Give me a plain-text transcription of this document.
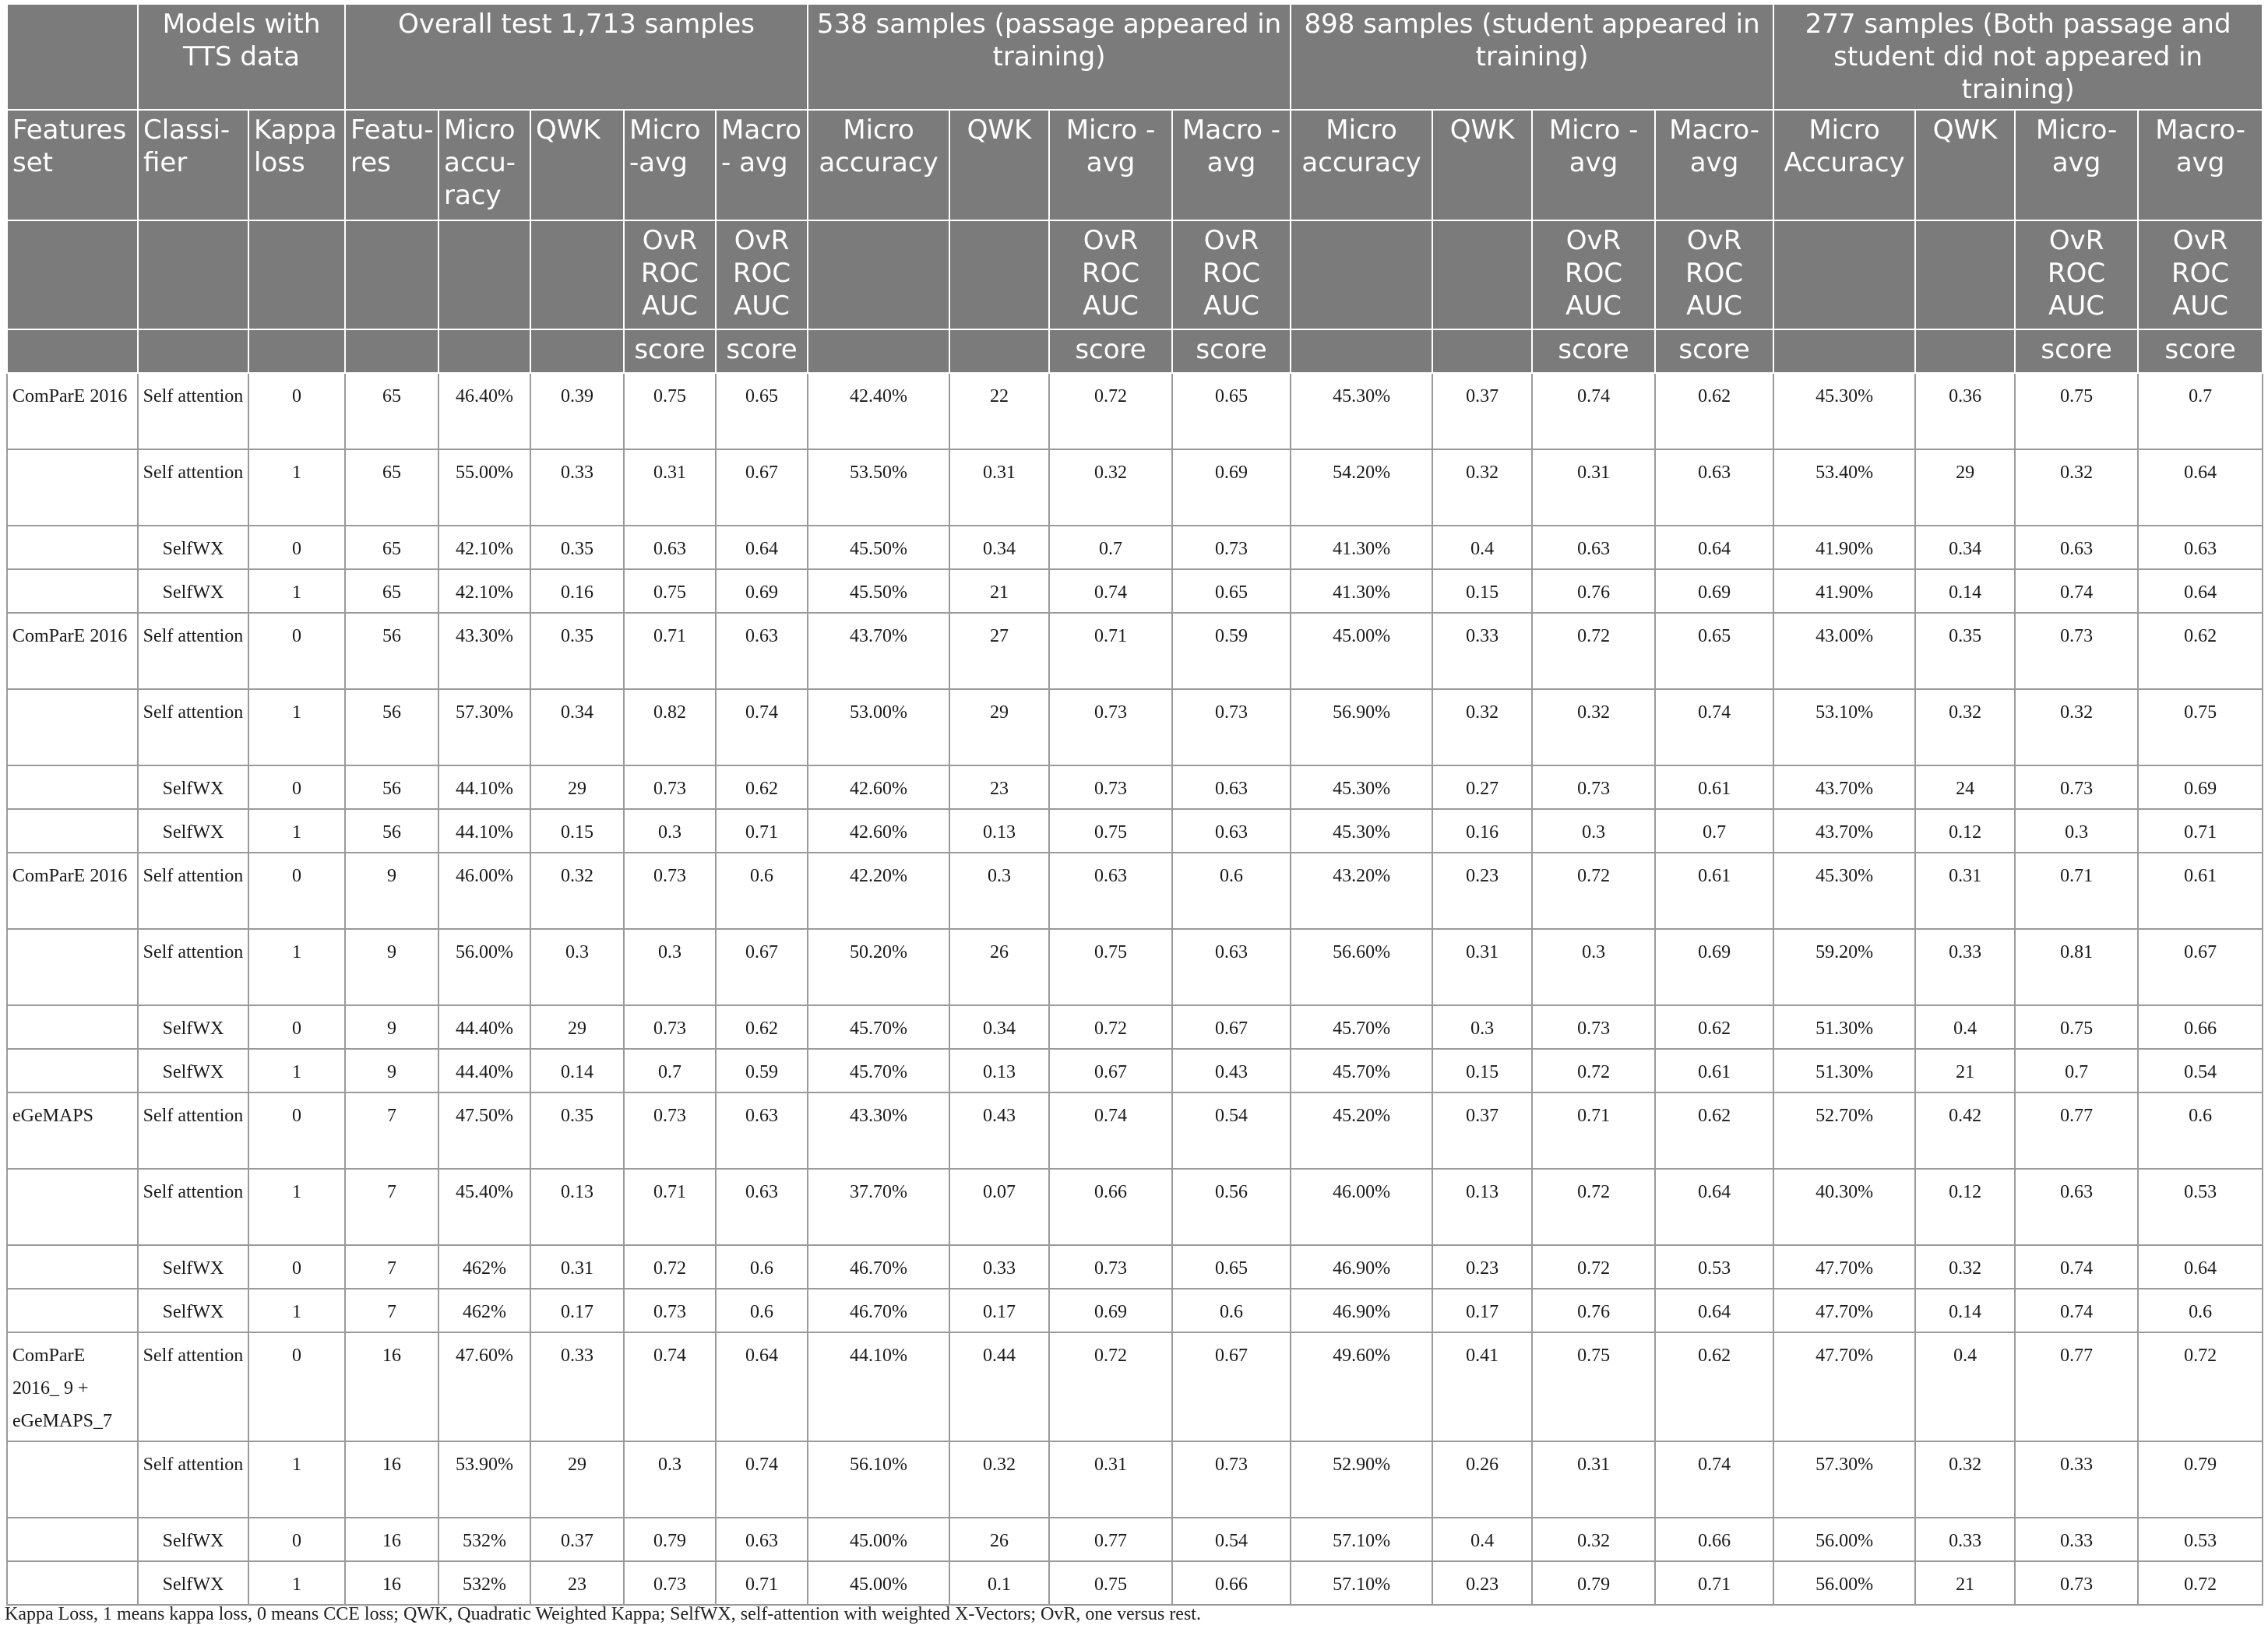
	Models with TTS data		Overall test 1,713 samples					538 samples (passage appeared in training)				898 samples (student appeared in training)				277 samples (Both passage and student did not appeared in training)			
Features set	Classi- fier	Kappa loss	Featu- res	Micro accu- racy	QWK	Micro -avg	Macro - avg	Micro accuracy	QWK	Micro -avg	Macro -avg	Micro accuracy	QWK	Micro -avg	Macro- avg	Micro Accuracy	QWK	Micro- avg	Macro- avg
						OvR ROC AUC	OvR ROC AUC			OvR ROC AUC	OvR ROC AUC			OvR ROC AUC	OvR ROC AUC			OvR ROC AUC	OvR ROC AUC
						score	score			score	score			score	score			score	score
ComParE 2016	Self attention	0	65	46.40%	0.39	0.75	0.65	42.40%	22	0.72	0.65	45.30%	0.37	0.74	0.62	45.30%	0.36	0.75	0.7
	Self attention	1	65	55.00%	0.33	0.31	0.67	53.50%	0.31	0.32	0.69	54.20%	0.32	0.31	0.63	53.40%	29	0.32	0.64
	SelfWX	0	65	42.10%	0.35	0.63	0.64	45.50%	0.34	0.7	0.73	41.30%	0.4	0.63	0.64	41.90%	0.34	0.63	0.63
	SelfWX	1	65	42.10%	0.16	0.75	0.69	45.50%	21	0.74	0.65	41.30%	0.15	0.76	0.69	41.90%	0.14	0.74	0.64
ComParE 2016	Self attention	0	56	43.30%	0.35	0.71	0.63	43.70%	27	0.71	0.59	45.00%	0.33	0.72	0.65	43.00%	0.35	0.73	0.62
	Self attention	1	56	57.30%	0.34	0.82	0.74	53.00%	29	0.73	0.73	56.90%	0.32	0.32	0.74	53.10%	0.32	0.32	0.75
	SelfWX	0	56	44.10%	29	0.73	0.62	42.60%	23	0.73	0.63	45.30%	0.27	0.73	0.61	43.70%	24	0.73	0.69
	SelfWX	1	56	44.10%	0.15	0.3	0.71	42.60%	0.13	0.75	0.63	45.30%	0.16	0.3	0.7	43.70%	0.12	0.3	0.71
ComParE 2016	Self attention	0	9	46.00%	0.32	0.73	0.6	42.20%	0.3	0.63	0.6	43.20%	0.23	0.72	0.61	45.30%	0.31	0.71	0.61
	Self attention	1	9	56.00%	0.3	0.3	0.67	50.20%	26	0.75	0.63	56.60%	0.31	0.3	0.69	59.20%	0.33	0.81	0.67
	SelfWX	0	9	44.40%	29	0.73	0.62	45.70%	0.34	0.72	0.67	45.70%	0.3	0.73	0.62	51.30%	0.4	0.75	0.66
	SelfWX	1	9	44.40%	0.14	0.7	0.59	45.70%	0.13	0.67	0.43	45.70%	0.15	0.72	0.61	51.30%	21	0.7	0.54
eGeMAPS	Self attention	0	7	47.50%	0.35	0.73	0.63	43.30%	0.43	0.74	0.54	45.20%	0.37	0.71	0.62	52.70%	0.42	0.77	0.6
	Self attention	1	7	45.40%	0.13	0.71	0.63	37.70%	0.07	0.66	0.56	46.00%	0.13	0.72	0.64	40.30%	0.12	0.63	0.53
	SelfWX	0	7	462%	0.31	0.72	0.6	46.70%	0.33	0.73	0.65	46.90%	0.23	0.72	0.53	47.70%	0.32	0.74	0.64
	SelfWX	1	7	462%	0.17	0.73	0.6	46.70%	0.17	0.69	0.6	46.90%	0.17	0.76	0.64	47.70%	0.14	0.74	0.6
ComParE 2016_ 9 + eGeMAPS_7	Self attention	0	16	47.60%	0.33	0.74	0.64	44.10%	0.44	0.72	0.67	49.60%	0.41	0.75	0.62	47.70%	0.4	0.77	0.72
	Self attention	1	16	53.90%	29	0.3	0.74	56.10%	0.32	0.31	0.73	52.90%	0.26	0.31	0.74	57.30%	0.32	0.33	0.79
	SelfWX	0	16	532%	0.37	0.79	0.63	45.00%	26	0.77	0.54	57.10%	0.4	0.32	0.66	56.00%	0.33	0.33	0.53
	SelfWX	1	16	532%	23	0.73	0.71	45.00%	0.1	0.75	0.66	57.10%	0.23	0.79	0.71	56.00%	21	0.73	0.72
Kappa Loss, 1 means kappa loss, 0 means CCE loss; QWK, Quadratic Weighted Kappa; SelfWX, self-attention with weighted X-Vectors; OvR, one versus rest.
